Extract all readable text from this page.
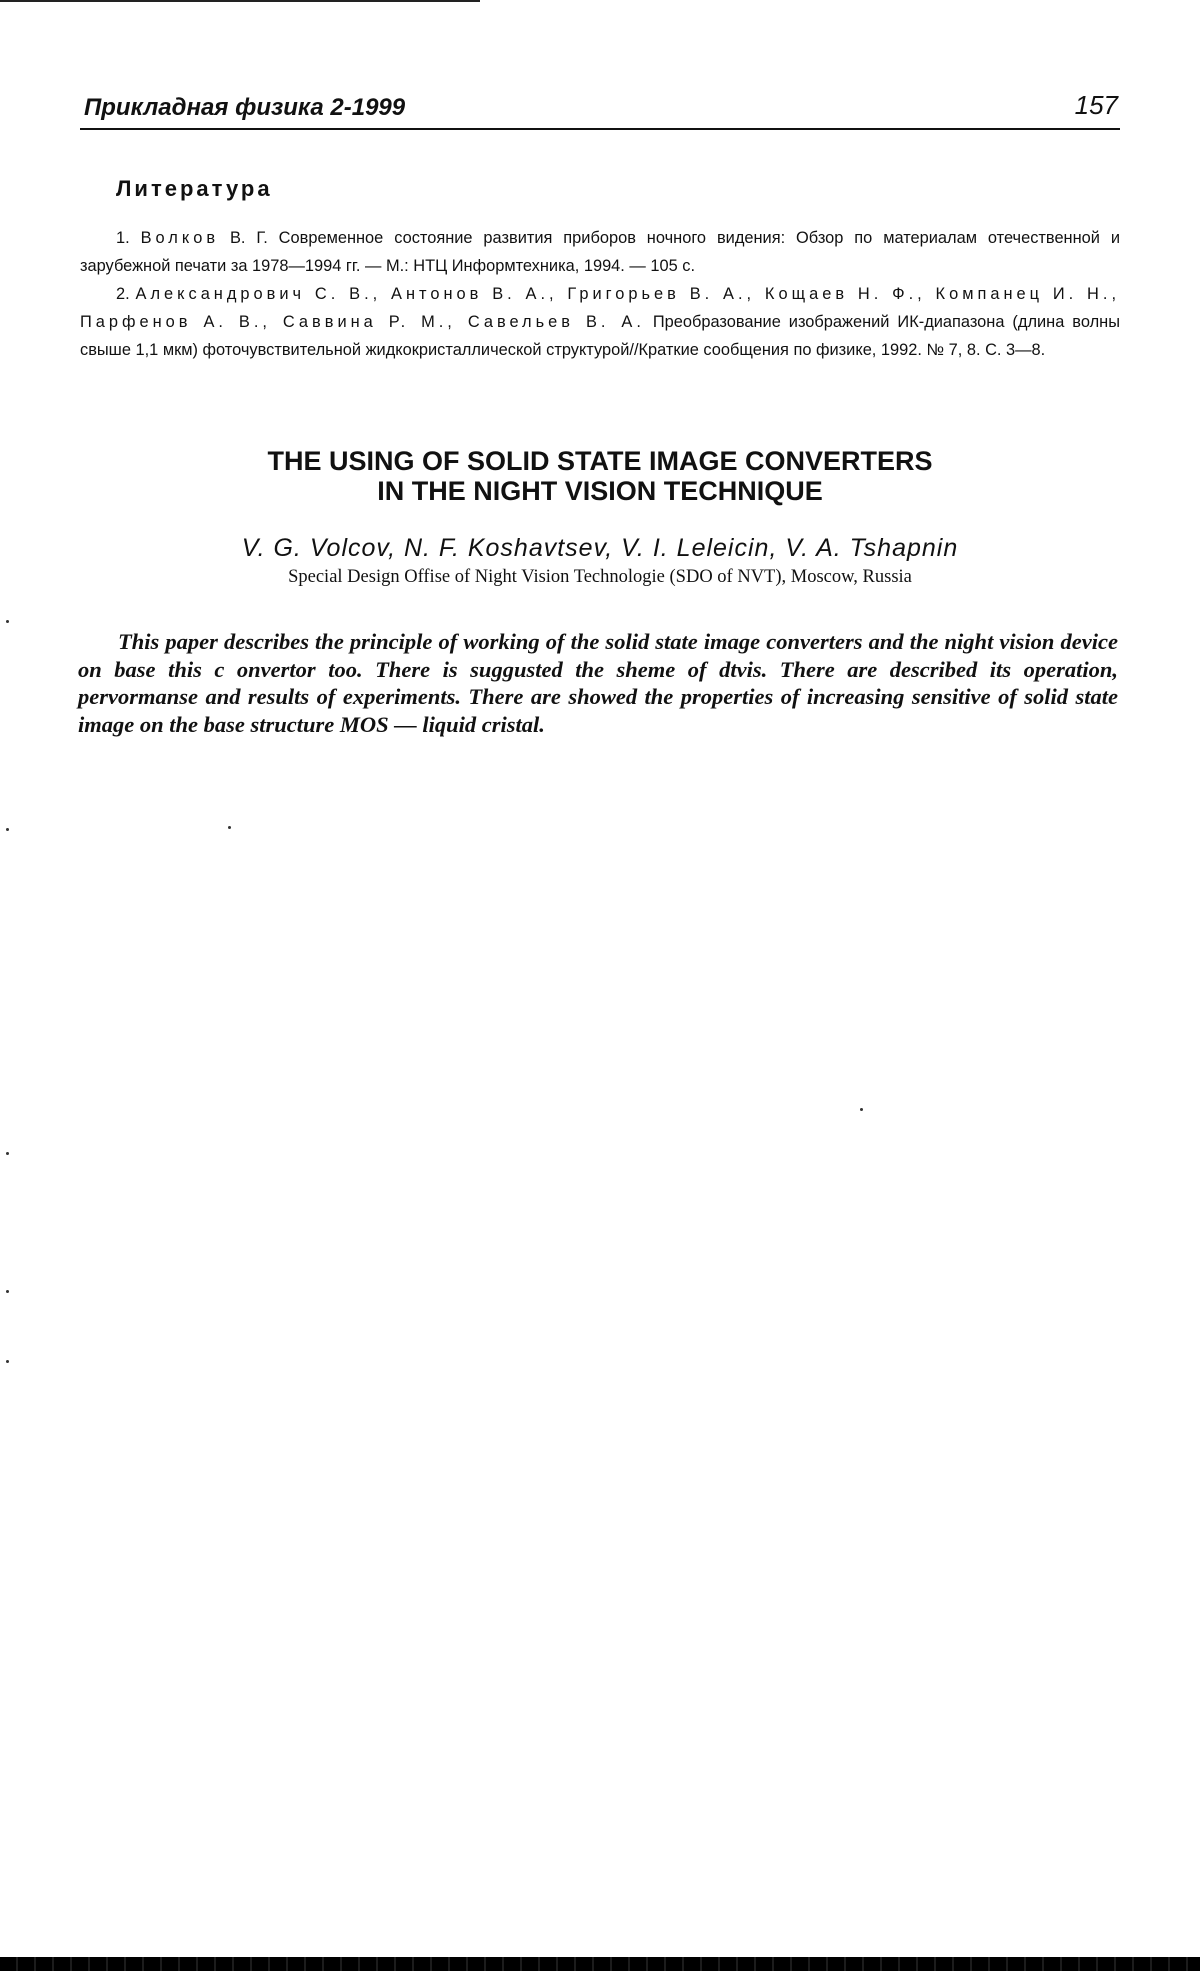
Прикладная физика 2-1999	157
Литература

1. Волков В. Г. Современное состояние развития приборов ночного видения: Обзор по материалам отечественной и зарубежной печати за 1978—1994 гг. — М.: НТЦ Информтехника, 1994. — 105 с.

2. Александрович С. В., Антонов В. А., Григорьев В. А., Кощаев Н. Ф., Компанец И. Н., Парфенов А. В., Саввина Р. М., Савельев В. А. Преобразование изображений ИК-диапазона (длина волны свыше 1,1 мкм) фоточувствительной жидкокристаллической структурой//Краткие сообщения по физике, 1992. № 7, 8. С. 3—8.

THE USING OF SOLID STATE IMAGE CONVERTERS
IN THE NIGHT VISION TECHNIQUE
V. G. Volcov, N. F. Koshavtsev, V. I. Leleicin, V. A. Tshapnin
Special Design Offise of Night Vision Technologie (SDO of NVT), Moscow, Russia

This paper describes the principle of working of the solid state image converters and the night vision device on base this c onvertor too. There is suggusted the sheme of dtvis. There are described its operation, pervormanse and results of experiments. There are showed the properties of increasing sensitive of solid state image on the base structure MOS — liquid cristal.
